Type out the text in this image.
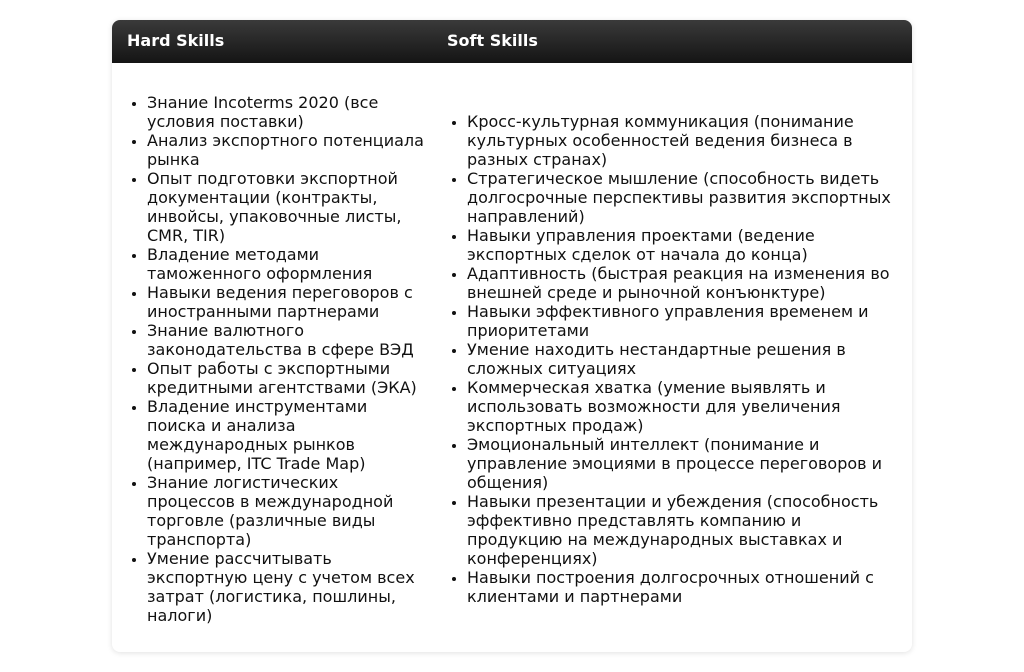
Hard Skills	Soft Skills
• Знание Incoterms 2020 (все условия поставки)
• Анализ экспортного потенциала рынка
• Опыт подготовки экспортной документации (контракты, инвойсы, упаковочные листы, CMR, TIR)
• Владение методами таможенного оформления
• Навыки ведения переговоров с иностранными партнерами
• Знание валютного законодательства в сфере ВЭД
• Опыт работы с экспортными кредитными агентствами (ЭКА)
• Владение инструментами поиска и анализа международных рынков (например, ITC Trade Map)
• Знание логистических процессов в международной торговле (различные виды транспорта)
• Умение рассчитывать экспортную цену с учетом всех затрат (логистика, пошлины, налоги)
• Кросс-культурная коммуникация (понимание культурных особенностей ведения бизнеса в разных странах)
• Стратегическое мышление (способность видеть долгосрочные перспективы развития экспортных направлений)
• Навыки управления проектами (ведение экспортных сделок от начала до конца)
• Адаптивность (быстрая реакция на изменения во внешней среде и рыночной конъюнктуре)
• Навыки эффективного управления временем и приоритетами
• Умение находить нестандартные решения в сложных ситуациях
• Коммерческая хватка (умение выявлять и использовать возможности для увеличения экспортных продаж)
• Эмоциональный интеллект (понимание и управление эмоциями в процессе переговоров и общения)
• Навыки презентации и убеждения (способность эффективно представлять компанию и продукцию на международных выставках и конференциях)
• Навыки построения долгосрочных отношений с клиентами и партнерами
